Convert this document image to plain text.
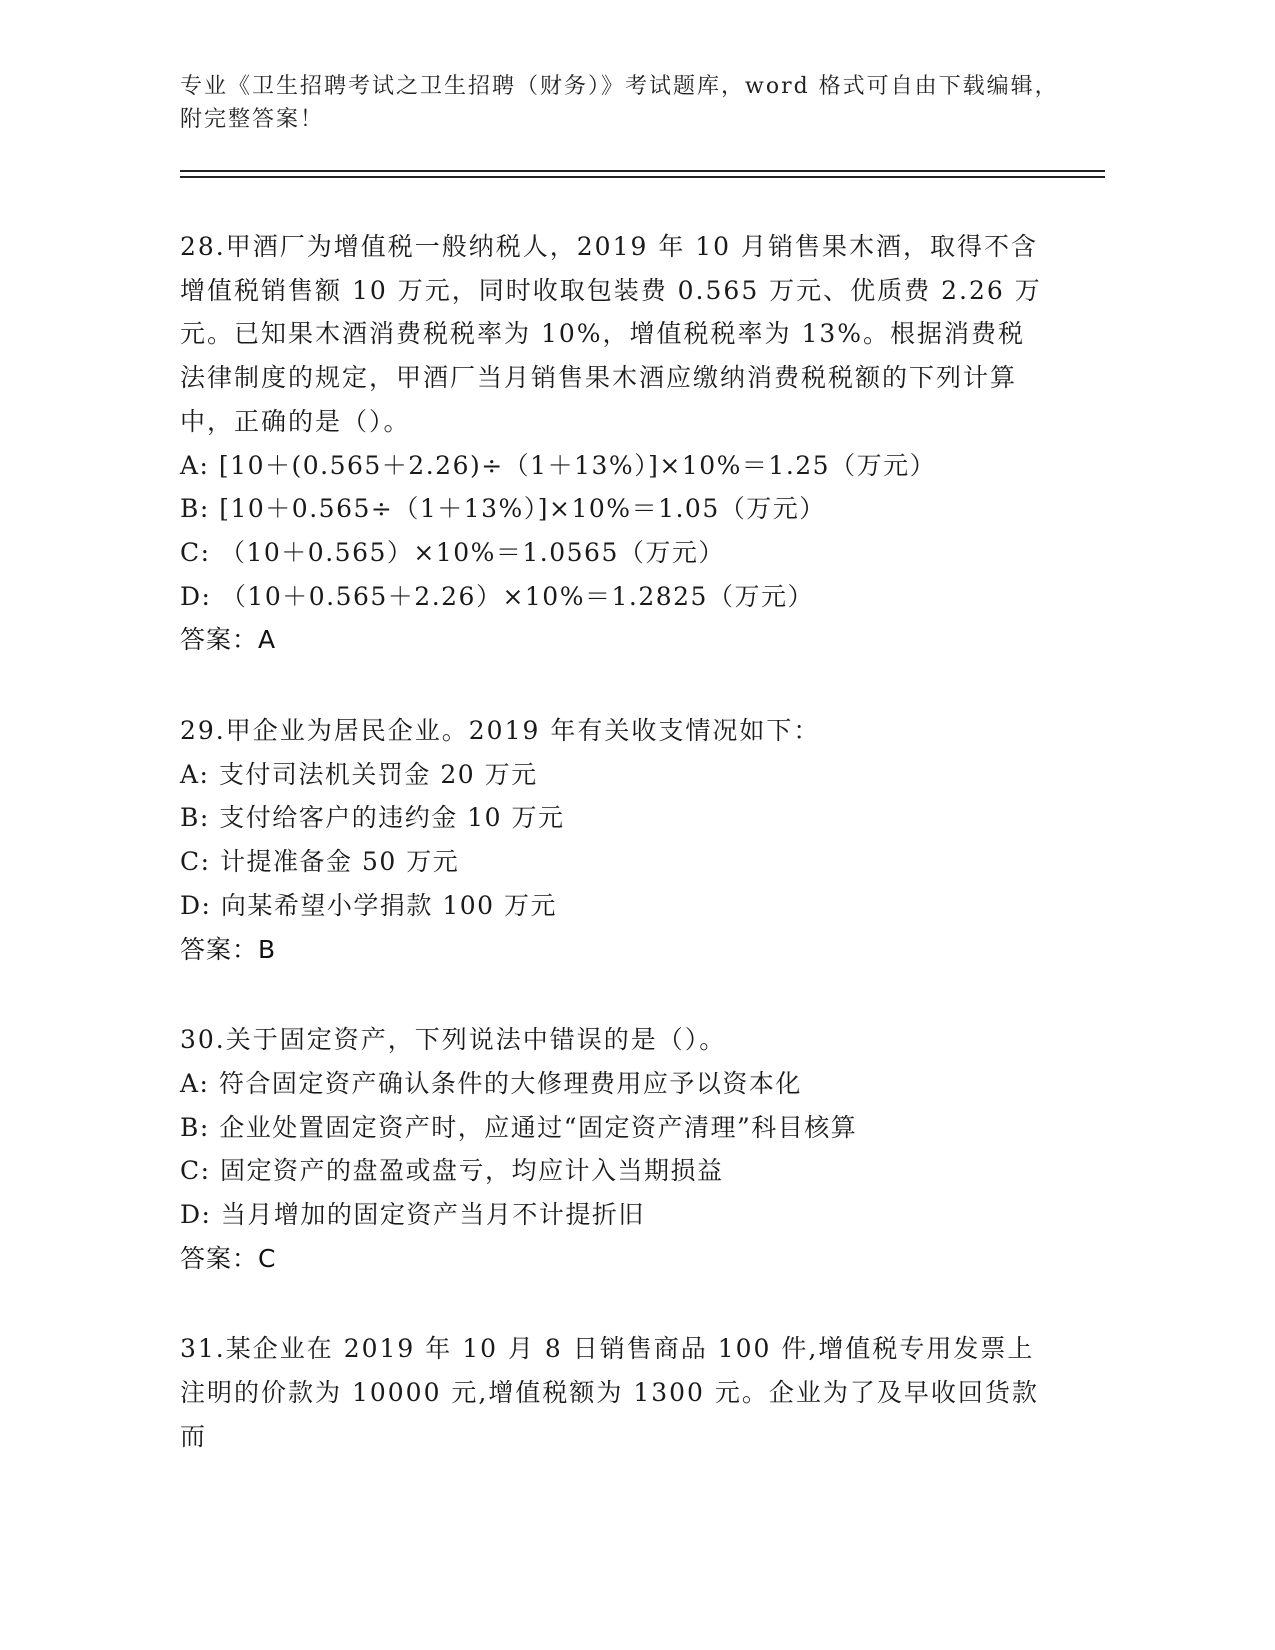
专业《卫生招聘考试之卫生招聘（财务）》考试题库，word 格式可自由下载编辑，附完整答案！

28.甲酒厂为增值税一般纳税人，2019 年 10 月销售果木酒，取得不含增值税销售额 10 万元，同时收取包装费 0.565 万元、优质费 2.26 万元。已知果木酒消费税税率为 10%，增值税税率为 13%。根据消费税法律制度的规定，甲酒厂当月销售果木酒应缴纳消费税税额的下列计算中，正确的是（）。

A: [10＋(0.565＋2.26)÷（1＋13%）]×10%＝1.25（万元）
B: [10＋0.565÷（1＋13%）]×10%＝1.05（万元）
C: （10＋0.565）×10%＝1.0565（万元）
D: （10＋0.565＋2.26）×10%＝1.2825（万元）
答案：A

29.甲企业为居民企业。2019 年有关收支情况如下：

A: 支付司法机关罚金 20 万元
B: 支付给客户的违约金 10 万元
C: 计提准备金 50 万元
D: 向某希望小学捐款 100 万元
答案：B

30.关于固定资产，下列说法中错误的是（）。

A: 符合固定资产确认条件的大修理费用应予以资本化
B: 企业处置固定资产时，应通过“固定资产清理”科目核算
C: 固定资产的盘盈或盘亏，均应计入当期损益
D: 当月增加的固定资产当月不计提折旧
答案：C

31.某企业在 2019 年 10 月 8 日销售商品 100 件,增值税专用发票上注明的价款为 10000 元,增值税额为 1300 元。企业为了及早收回货款而
